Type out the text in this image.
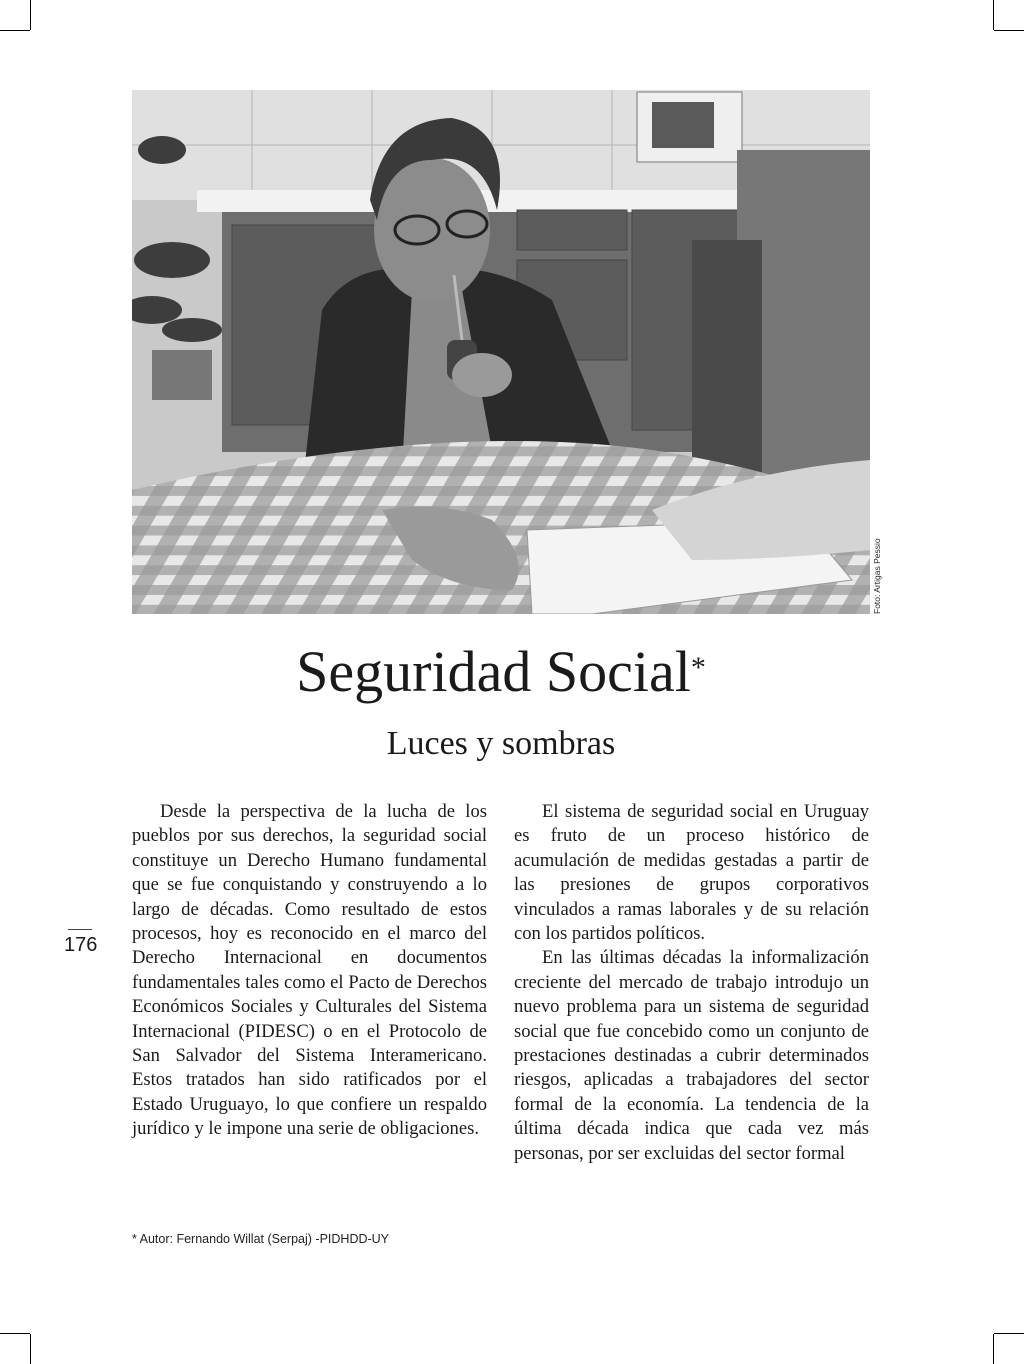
Foto: Artigas Pessio
Seguridad Social*
Luces y sombras

Desde la perspectiva de la lucha de los pueblos por sus derechos, la seguridad social constituye un Derecho Humano fundamental que se fue conquistando y construyendo a lo largo de décadas. Como resultado de estos procesos, hoy es reconocido en el marco del Derecho Internacional en documentos fundamentales tales como el Pacto de Derechos Económicos Sociales y Culturales del Sistema Internacional (PIDESC) o en el Protocolo de San Salvador del Sistema Interamericano. Estos tratados han sido ratificados por el Estado Uruguayo, lo que confiere un respaldo jurídico y le impone una serie de obligaciones.

El sistema de seguridad social en Uruguay es fruto de un proceso histórico de acumulación de medidas gestadas a partir de las presiones de grupos corporativos vinculados a ramas laborales y de su relación con los partidos políticos.

En las últimas décadas la informalización creciente del mercado de trabajo introdujo un nuevo problema para un sistema de seguridad social que fue concebido como un conjunto de prestaciones destinadas a cubrir determinados riesgos, aplicadas a trabajadores del sector formal de la economía. La tendencia de la última década indica que cada vez más personas, por ser excluidas del sector formal

176
* Autor: Fernando Willat (Serpaj) -PIDHDD-UY
